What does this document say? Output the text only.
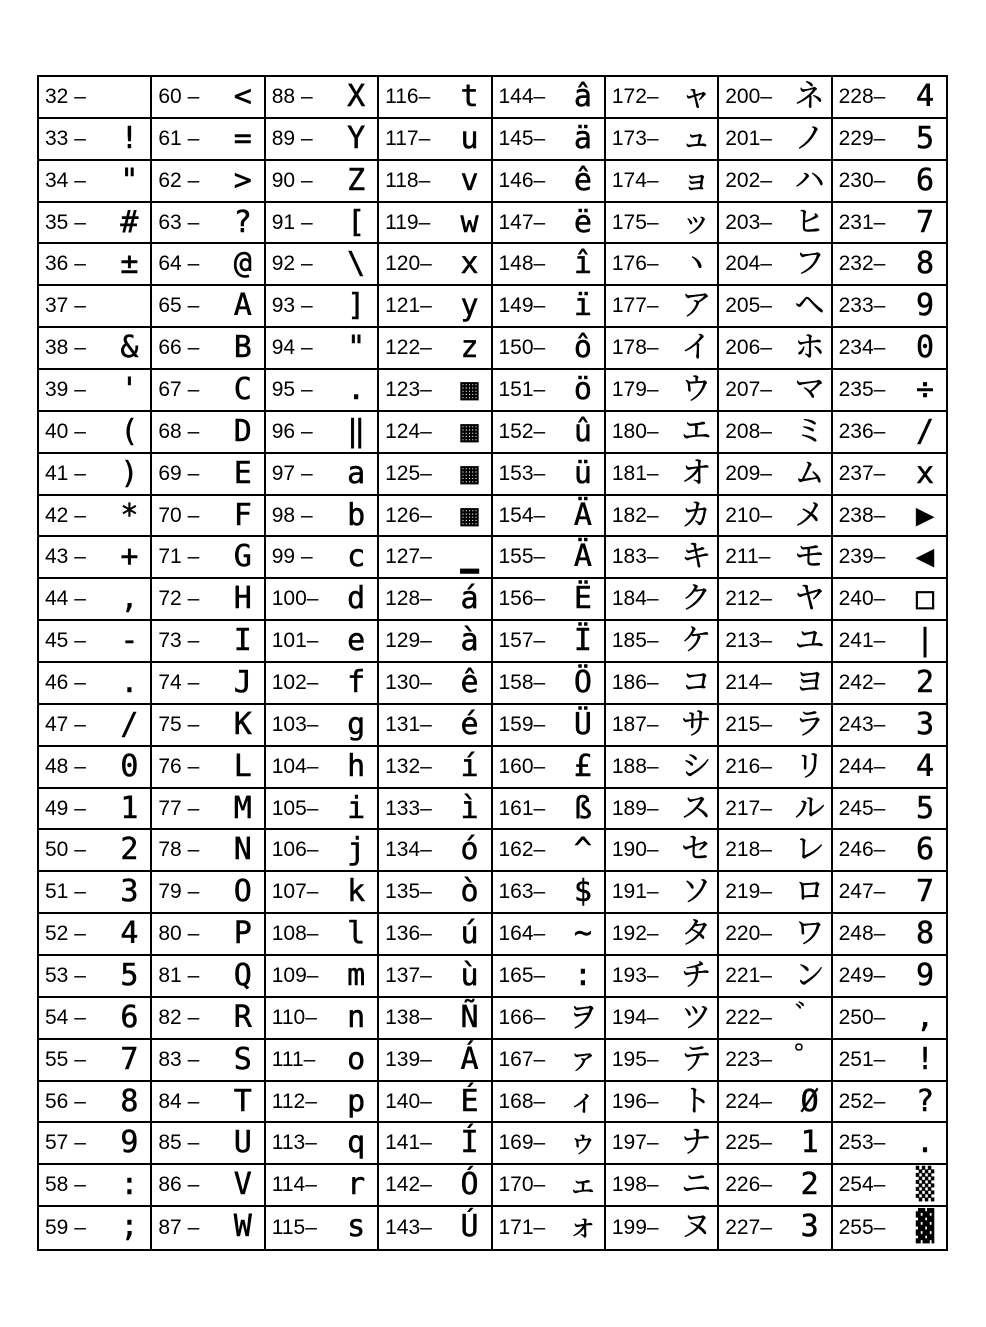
32 –
33 – !
34 – "
35 – #
36 – ±
37 –
38 – &
39 – '
40 – (
41 – )
42 – *
43 – +
44 – ,
45 – -
46 – .
47 – /
48 – 0
49 – 1
50 – 2
51 – 3
52 – 4
53 – 5
54 – 6
55 – 7
56 – 8
57 – 9
58 – :
59 – ;
60 – <
61 – =
62 – >
63 – ?
64 – @
65 – A
66 – B
67 – C
68 – D
69 – E
70 – F
71 – G
72 – H
73 – I
74 – J
75 – K
76 – L
77 – M
78 – N
79 – O
80 – P
81 – Q
82 – R
83 – S
84 – T
85 – U
86 – V
87 – W
88 – X
89 – Y
90 – Z
91 – [
92 – \
93 – ]
94 – "
95 – .
96 – ‖
97 – a
98 – b
99 – c
100– d
101– e
102– f
103– g
104– h
105– i
106– j
107– k
108– l
109– m
110– n
111– o
112– p
113– q
114– r
115– s
116– t
117– u
118– v
119– w
120– x
121– y
122– z
123– ▦
124– ▦
125– ▦
126– ▦
127– ▁
128– á
129– à
130– ê
131– é
132– í
133– ì
134– ó
135– ò
136– ú
137– ù
138– Ñ
139– Á
140– É
141– Í
142– Ó
143– Ú
144– â
145– ä
146– ê
147– ë
148– î
149– ï
150– ô
151– ö
152– û
153– ü
154– Ä
155– Ä
156– Ë
157– Ï
158– Ö
159– Ü
160– £
161– ß
162– ^
163– $
164– ~
165– :
166– ヲ
167– ァ
168– ィ
169– ゥ
170– ェ
171– ォ
172– ャ
173– ュ
174– ョ
175– ッ
176– ヽ
177– ア
178– イ
179– ウ
180– エ
181– オ
182– カ
183– キ
184– ク
185– ケ
186– コ
187– サ
188– シ
189– ス
190– セ
191– ソ
192– タ
193– チ
194– ツ
195– テ
196– ト
197– ナ
198– ニ
199– ヌ
200– ネ
201– ノ
202– ハ
203– ヒ
204– フ
205– ヘ
206– ホ
207– マ
208– ミ
209– ム
210– メ
211– モ
212– ヤ
213– ユ
214– ヨ
215– ラ
216– リ
217– ル
218– レ
219– ロ
220– ワ
221– ン
222– ゛
223– ゜
224– Ø
225– 1
226– 2
227– 3
228– 4
229– 5
230– 6
231– 7
232– 8
233– 9
234– 0
235– ÷
236– /
237– x
238– ▶
239– ◀
240– □
241– |
242– 2
243– 3
244– 4
245– 5
246– 6
247– 7
248– 8
249– 9
250– ,
251– !
252– ?
253– .
254– ▒
255– ▓
